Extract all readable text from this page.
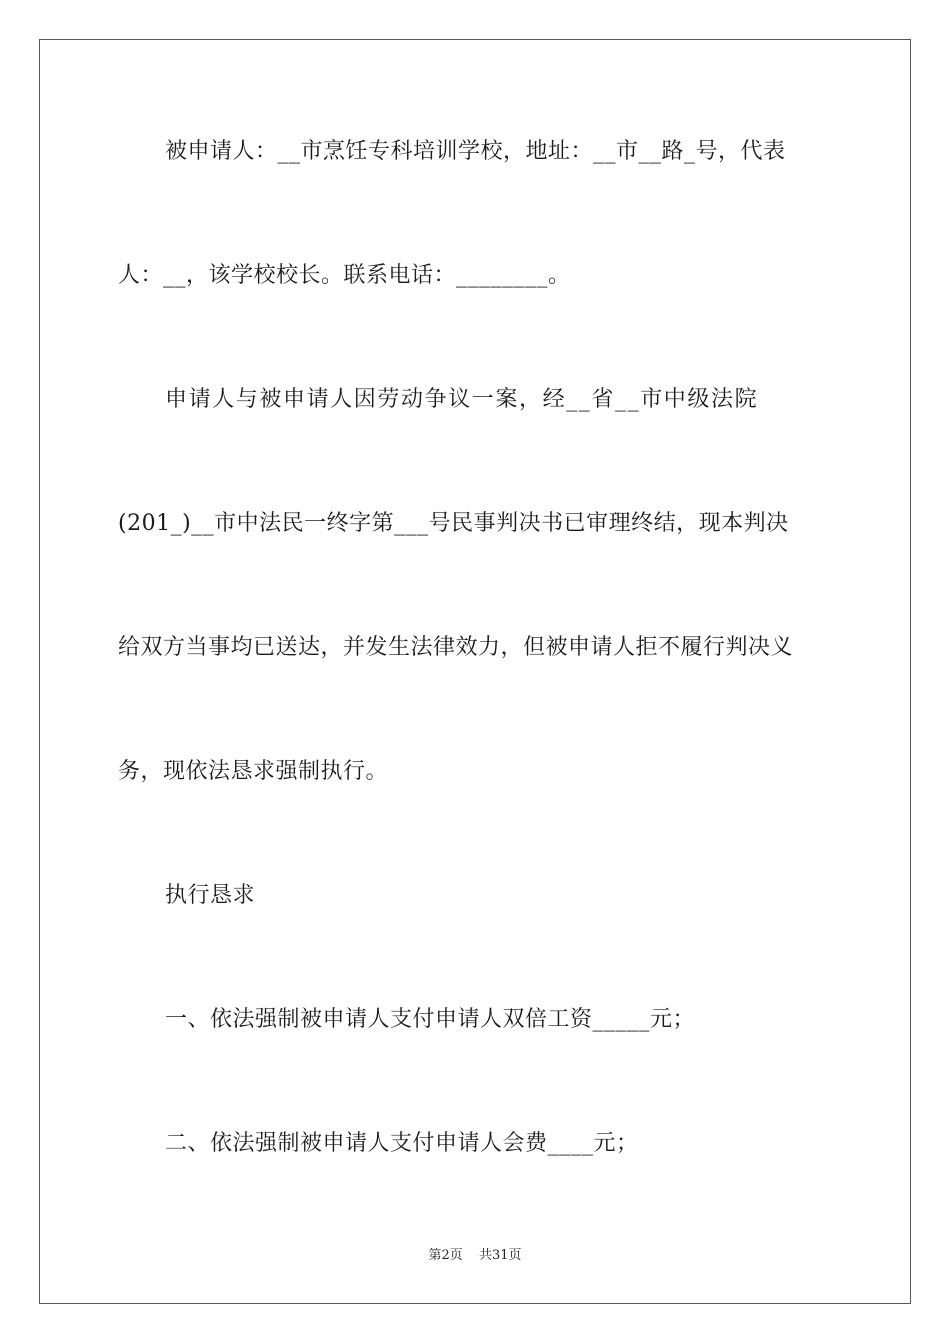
被申请人：__市烹饪专科培训学校，地址：__市__路_号，代表
人：__，该学校校长。联系电话：________。
申请人与被申请人因劳动争议一案，经__省__市中级法院
(201_)__市中法民一终字第___号民事判决书已审理终结，现本判决
给双方当事均已送达，并发生法律效力，但被申请人拒不履行判决义
务，现依法恳求强制执行。
执行恳求
一、依法强制被申请人支付申请人双倍工资_____元；
二、依法强制被申请人支付申请人会费____元；
第2页 共31页
